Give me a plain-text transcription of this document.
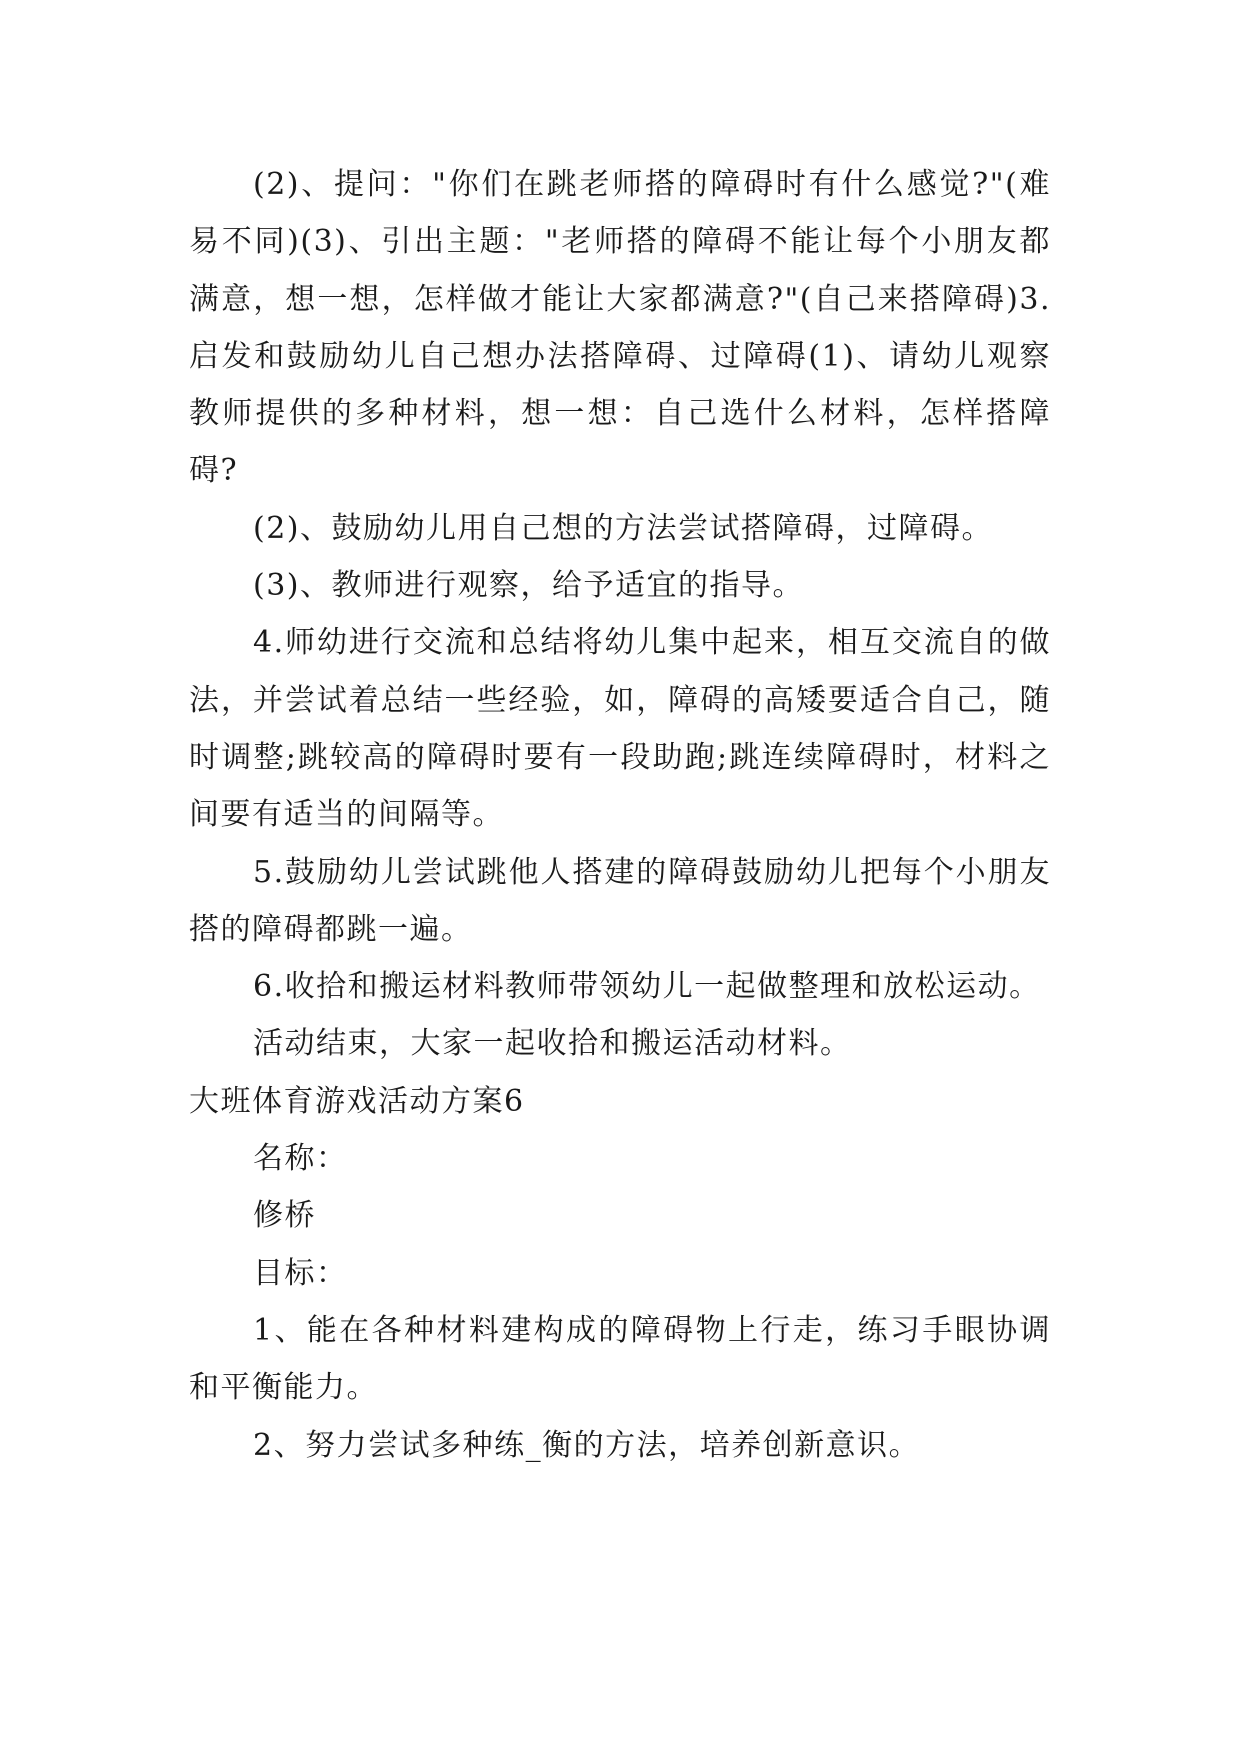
(2)、提问："你们在跳老师搭的障碍时有什么感觉?"(难易不同)(3)、引出主题："老师搭的障碍不能让每个小朋友都满意，想一想，怎样做才能让大家都满意?"(自己来搭障碍)3.启发和鼓励幼儿自己想办法搭障碍、过障碍(1)、请幼儿观察教师提供的多种材料，想一想：自己选什么材料，怎样搭障碍?

(2)、鼓励幼儿用自己想的方法尝试搭障碍，过障碍。

(3)、教师进行观察，给予适宜的指导。

4.师幼进行交流和总结将幼儿集中起来，相互交流自的做法，并尝试着总结一些经验，如，障碍的高矮要适合自己，随时调整;跳较高的障碍时要有一段助跑;跳连续障碍时，材料之间要有适当的间隔等。

5.鼓励幼儿尝试跳他人搭建的障碍鼓励幼儿把每个小朋友搭的障碍都跳一遍。

6.收拾和搬运材料教师带领幼儿一起做整理和放松运动。

活动结束，大家一起收拾和搬运活动材料。

大班体育游戏活动方案6

名称：

修桥

目标：

1、能在各种材料建构成的障碍物上行走，练习手眼协调和平衡能力。

2、努力尝试多种练_衡的方法，培养创新意识。
